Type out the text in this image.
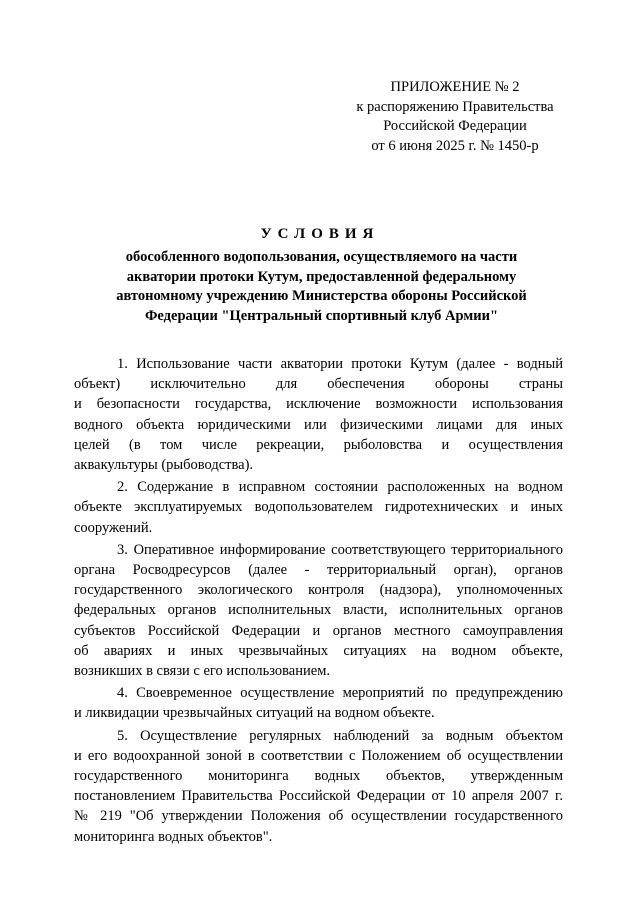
ПРИЛОЖЕНИЕ № 2
к распоряжению Правительства
Российской Федерации
от 6 июня 2025 г. № 1450-р
УСЛОВИЯ
обособленного водопользования, осуществляемого на части
акватории протоки Кутум, предоставленной федеральному
автономному учреждению Министерства обороны Российской
Федерации "Центральный спортивный клуб Армии"
1. Использование части акватории протоки Кутум (далее - водный
объект) исключительно для обеспечения обороны страны
и безопасности государства, исключение возможности использования
водного объекта юридическими или физическими лицами для иных
целей (в том числе рекреации, рыболовства и осуществления
аквакультуры (рыбоводства).
2. Содержание в исправном состоянии расположенных на водном
объекте эксплуатируемых водопользователем гидротехнических и иных
сооружений.
3. Оперативное информирование соответствующего территориального
органа Росводресурсов (далее - территориальный орган), органов
государственного экологического контроля (надзора), уполномоченных
федеральных органов исполнительных власти, исполнительных органов
субъектов Российской Федерации и органов местного самоуправления
об авариях и иных чрезвычайных ситуациях на водном объекте,
возникших в связи с его использованием.
4. Своевременное осуществление мероприятий по предупреждению
и ликвидации чрезвычайных ситуаций на водном объекте.
5. Осуществление регулярных наблюдений за водным объектом
и его водоохранной зоной в соответствии с Положением об осуществлении
государственного мониторинга водных объектов, утвержденным
постановлением Правительства Российской Федерации от 10 апреля 2007 г.
№ 219 "Об утверждении Положения об осуществлении государственного
мониторинга водных объектов".
